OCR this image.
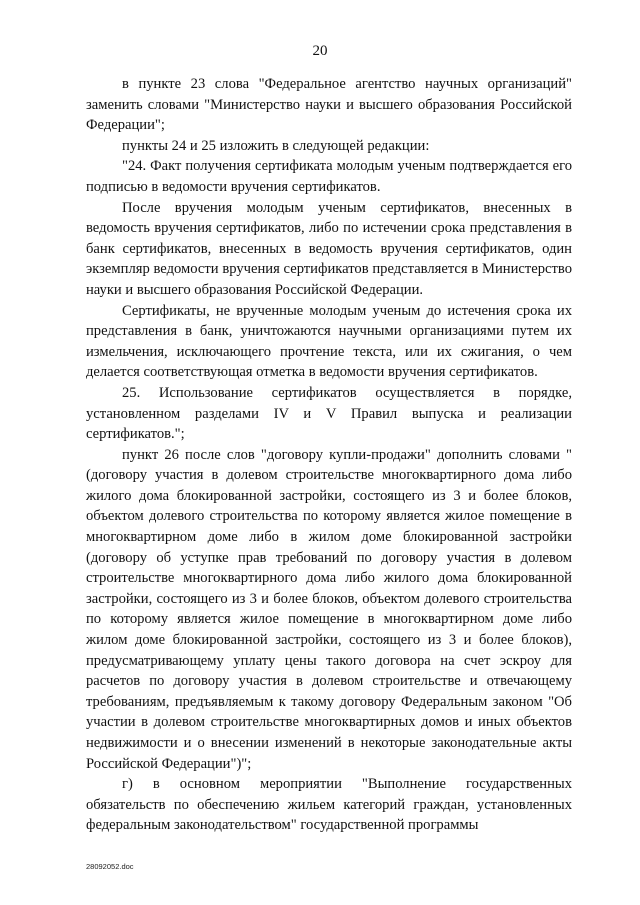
20

в пункте 23 слова "Федеральное агентство научных организаций" заменить словами "Министерство науки и высшего образования Российской Федерации";

пункты 24 и 25 изложить в следующей редакции:

"24. Факт получения сертификата молодым ученым подтверждается его подписью в ведомости вручения сертификатов.

После вручения молодым ученым сертификатов, внесенных в ведомость вручения сертификатов, либо по истечении срока представления в банк сертификатов, внесенных в ведомость вручения сертификатов, один экземпляр ведомости вручения сертификатов представляется в Министерство науки и высшего образования Российской Федерации.

Сертификаты, не врученные молодым ученым до истечения срока их представления в банк, уничтожаются научными организациями путем их измельчения, исключающего прочтение текста, или их сжигания, о чем делается соответствующая отметка в ведомости вручения сертификатов.

25. Использование сертификатов осуществляется в порядке, установленном разделами IV и V Правил выпуска и реализации сертификатов.";

пункт 26 после слов "договору купли-продажи" дополнить словами "(договору участия в долевом строительстве многоквартирного дома либо жилого дома блокированной застройки, состоящего из 3 и более блоков, объектом долевого строительства по которому является жилое помещение в многоквартирном доме либо в жилом доме блокированной застройки (договору об уступке прав требований по договору участия в долевом строительстве многоквартирного дома либо жилого дома блокированной застройки, состоящего из 3 и более блоков, объектом долевого строительства по которому является жилое помещение в многоквартирном доме либо жилом доме блокированной застройки, состоящего из 3 и более блоков), предусматривающему уплату цены такого договора на счет эскроу для расчетов по договору участия в долевом строительстве и отвечающему требованиям, предъявляемым к такому договору Федеральным законом "Об участии в долевом строительстве многоквартирных домов и иных объектов недвижимости и о внесении изменений в некоторые законодательные акты Российской Федерации")";

г) в основном мероприятии "Выполнение государственных обязательств по обеспечению жильем категорий граждан, установленных федеральным законодательством" государственной программы

28092052.doc
